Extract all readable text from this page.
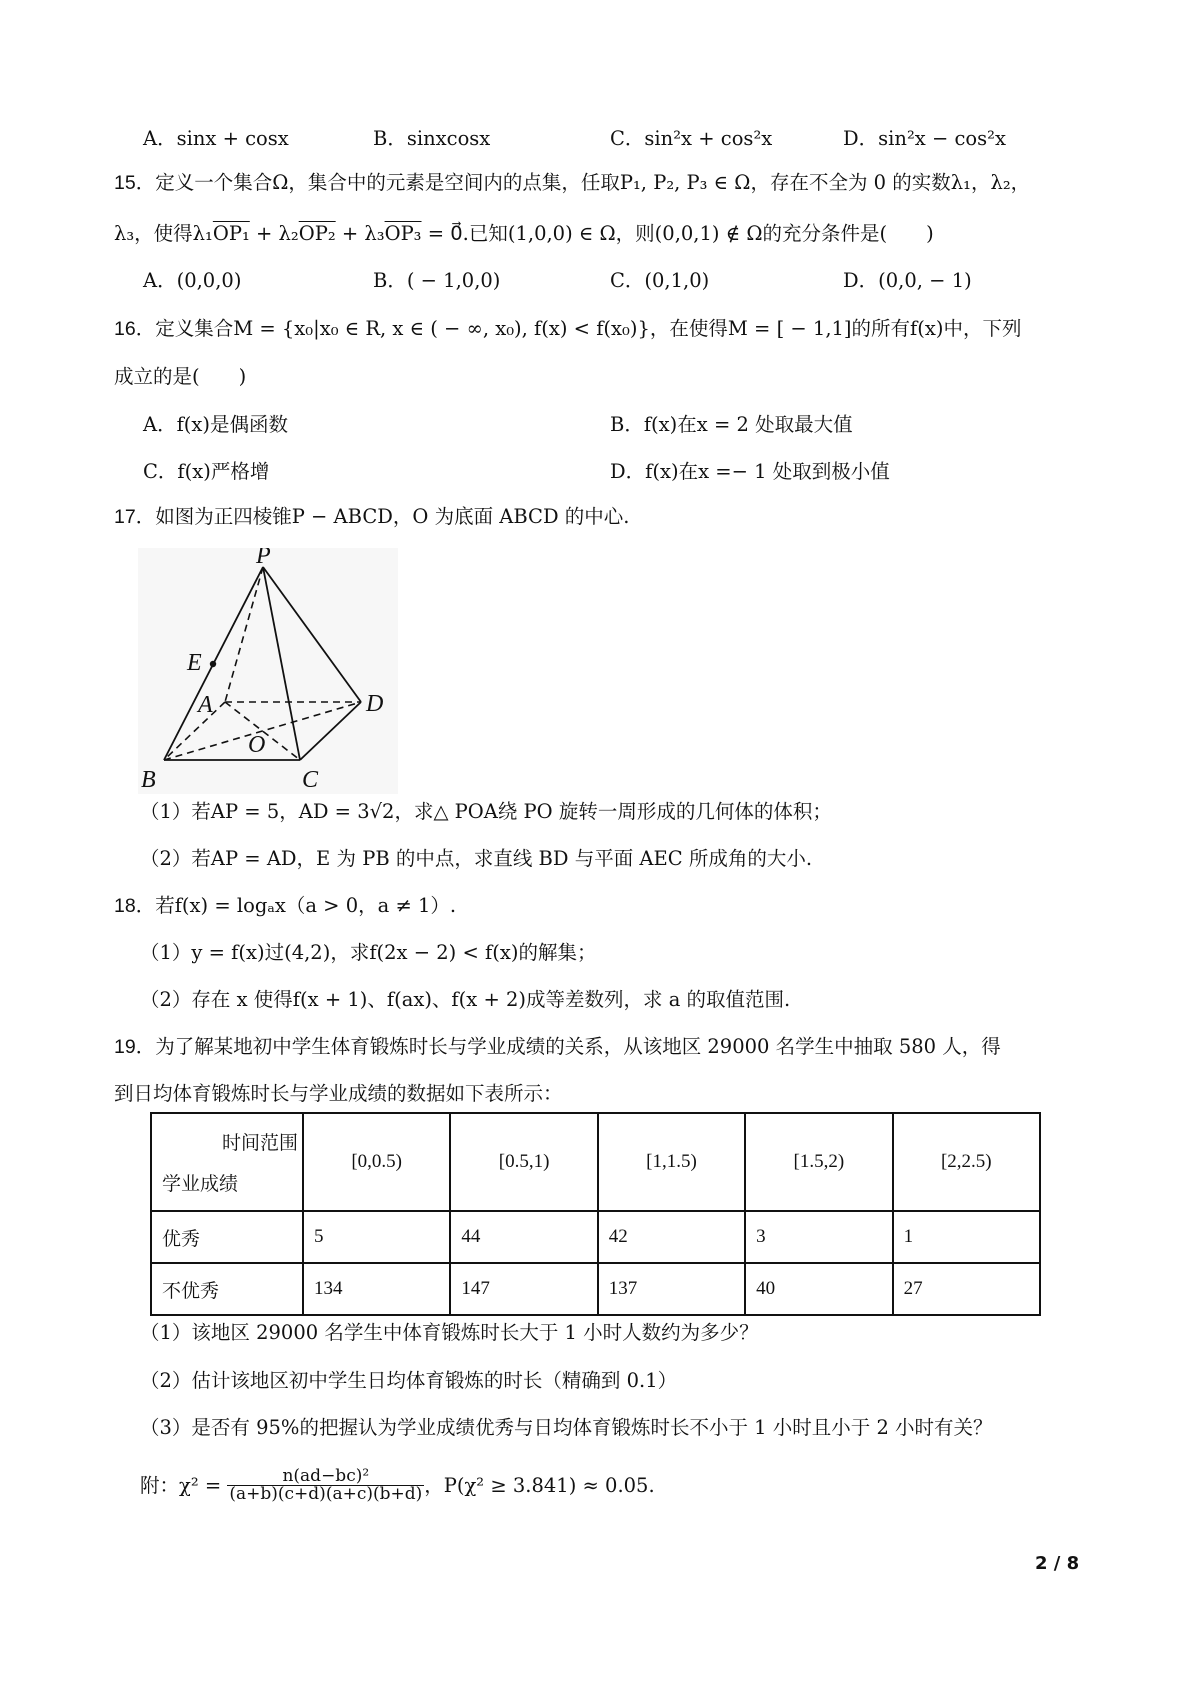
A．sinx + cosx	B．sinxcosx	C．sin²x + cos²x	D．sin²x − cos²x
15．定义一个集合Ω，集合中的元素是空间内的点集，任取P₁, P₂, P₃ ∈ Ω，存在不全为 0 的实数λ₁，λ₂，
λ₃，使得λ₁OP₁ + λ₂OP₂ + λ₃OP₃ = 0⃗.已知(1,0,0) ∈ Ω，则(0,0,1) ∉ Ω的充分条件是(　　)
A．(0,0,0)	B．( − 1,0,0)	C．(0,1,0)	D．(0,0, − 1)
16．定义集合M = {x₀|x₀ ∈ R, x ∈ ( − ∞, x₀), f(x) < f(x₀)}，在使得M = [ − 1,1]的所有f(x)中，下列
成立的是(　　)
A．f(x)是偶函数	B．f(x)在x = 2 处取最大值
C．f(x)严格增	D．f(x)在x =− 1 处取到极小值
17．如图为正四棱锥P − ABCD，O 为底面 ABCD 的中心.
P
E
A	D
O
B	C
（1）若AP = 5，AD = 3√2，求△ POA绕 PO 旋转一周形成的几何体的体积；
（2）若AP = AD，E 为 PB 的中点，求直线 BD 与平面 AEC 所成角的大小.
18．若f(x) = logₐx（a > 0，a ≠ 1）.
（1）y = f(x)过(4,2)，求f(2x − 2) < f(x)的解集；
（2）存在 x 使得f(x + 1)、f(ax)、f(x + 2)成等差数列，求 a 的取值范围.
19．为了解某地初中学生体育锻炼时长与学业成绩的关系，从该地区 29000 名学生中抽取 580 人，得
到日均体育锻炼时长与学业成绩的数据如下表所示：
时间范围
学业成绩	[0,0.5)	[0.5,1)	[1,1.5)	[1.5,2)	[2,2.5)
优秀	5	44	42	3	1
不优秀	134	147	137	40	27
（1）该地区 29000 名学生中体育锻炼时长大于 1 小时人数约为多少？
（2）估计该地区初中学生日均体育锻炼的时长（精确到 0.1）
（3）是否有 95%的把握认为学业成绩优秀与日均体育锻炼时长不小于 1 小时且小于 2 小时有关？
附：$\chi^2 = \frac{\text{n(ad−bc)²}}{(a+b)(c+d)(a+c)(b+d)}$ ，P(χ² ≥ 3.841) ≈ 0.05.
2 / 8
